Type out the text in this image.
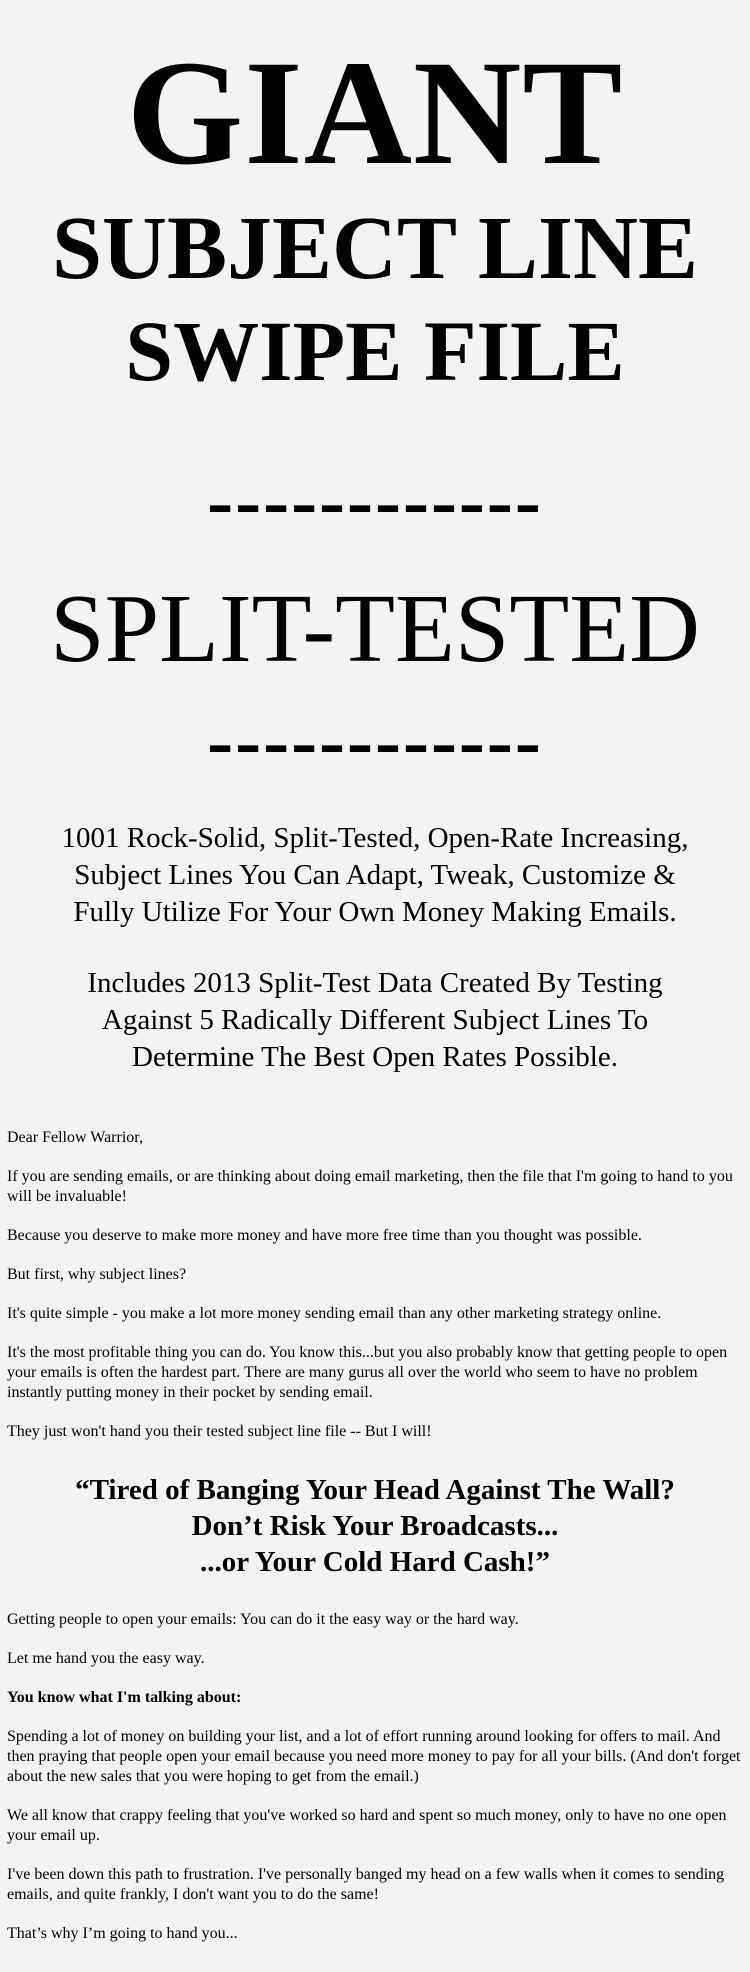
GIANT
SUBJECT LINE
SWIPE FILE
------------
SPLIT-TESTED
------------
1001 Rock-Solid, Split-Tested, Open-Rate Increasing,
Subject Lines You Can Adapt, Tweak, Customize &
Fully Utilize For Your Own Money Making Emails.
Includes 2013 Split-Test Data Created By Testing
Against 5 Radically Different Subject Lines To
Determine The Best Open Rates Possible.

Dear Fellow Warrior,

If you are sending emails, or are thinking about doing email marketing, then the file that I'm going to hand to you will be invaluable!

Because you deserve to make more money and have more free time than you thought was possible.

But first, why subject lines?

It's quite simple - you make a lot more money sending email than any other marketing strategy online.

It's the most profitable thing you can do. You know this...but you also probably know that getting people to open your emails is often the hardest part. There are many gurus all over the world who seem to have no problem instantly putting money in their pocket by sending email.

They just won't hand you their tested subject line file -- But I will!

“Tired of Banging Your Head Against The Wall?
Don’t Risk Your Broadcasts...
...or Your Cold Hard Cash!”

Getting people to open your emails: You can do it the easy way or the hard way.

Let me hand you the easy way.

You know what I'm talking about:

Spending a lot of money on building your list, and a lot of effort running around looking for offers to mail. And then praying that people open your email because you need more money to pay for all your bills. (And don't forget about the new sales that you were hoping to get from the email.)

We all know that crappy feeling that you've worked so hard and spent so much money, only to have no one open your email up.

I've been down this path to frustration. I've personally banged my head on a few walls when it comes to sending emails, and quite frankly, I don't want you to do the same!

That’s why I’m going to hand you...
